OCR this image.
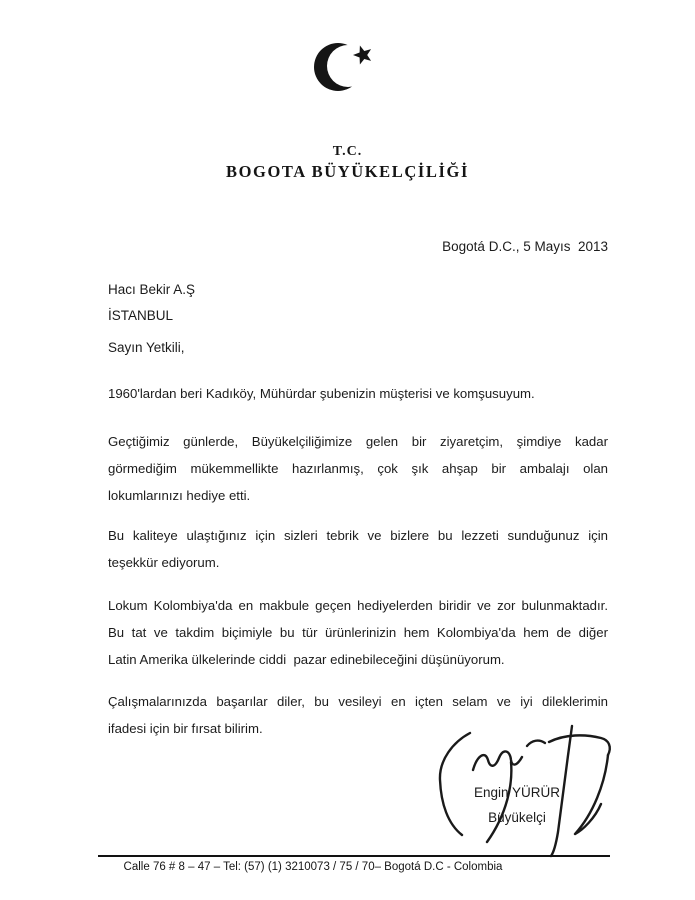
T.C.
BOGOTA BÜYÜKELÇİLİĞİ
Bogotá D.C., 5 Mayıs  2013
Hacı Bekir A.Ş
İSTANBUL
Sayın Yetkili,
1960'lardan beri Kadıköy, Mühürdar şubenizin müşterisi ve komşusuyum.
Geçtiğimiz günlerde, Büyükelçiliğimize gelen bir ziyaretçim, şimdiye kadar
görmediğim mükemmellikte hazırlanmış, çok şık ahşap bir ambalajı olan
lokumlarınızı hediye etti.
Bu kaliteye ulaştığınız için sizleri tebrik ve bizlere bu lezzeti sunduğunuz için
teşekkür ediyorum.
Lokum Kolombiya'da en makbule geçen hediyelerden biridir ve zor bulunmaktadır.
Bu tat ve takdim biçimiyle bu tür ürünlerinizin hem Kolombiya'da hem de diğer
Latin Amerika ülkelerinde ciddi  pazar edinebileceğini düşünüyorum.
Çalışmalarınızda başarılar diler, bu vesileyi en içten selam ve iyi dileklerimin
ifadesi için bir fırsat bilirim.
Engin YÜRÜR
Büyükelçi
Calle 76 # 8 – 47 – Tel: (57) (1) 3210073 / 75 / 70– Bogotá D.C - Colombia
